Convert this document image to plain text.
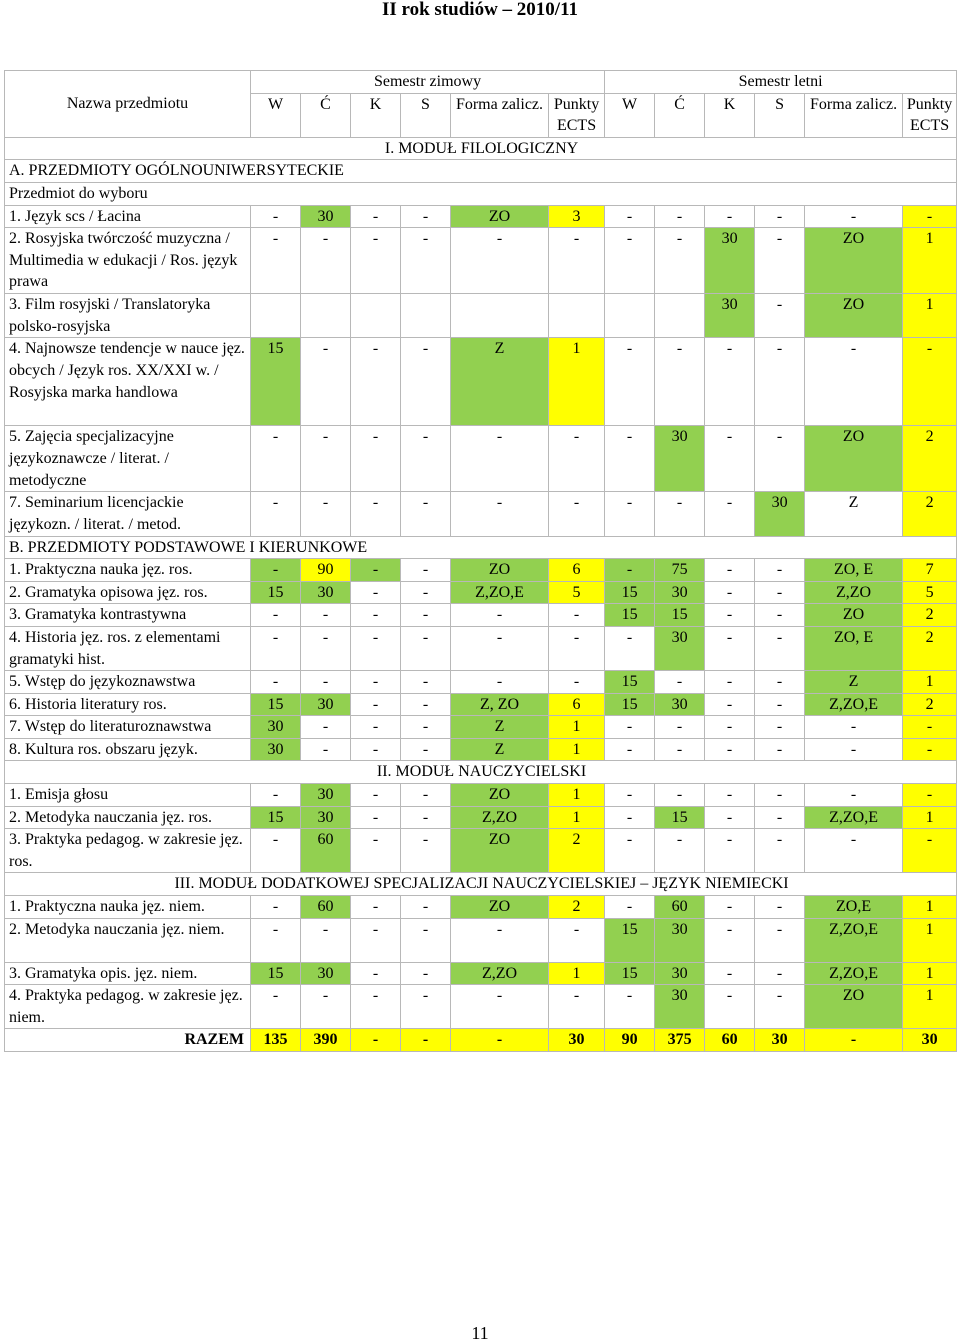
II rok studiów – 2010/11
Nazwa przedmiotu	Semestr zimowy						Semestr letni					
	W	Ć	K	S	Forma zalicz.	Punkty ECTS	W	Ć	K	S	Forma zalicz.	Punkty ECTS
I. MODUŁ FILOLOGICZNY												
A. PRZEDMIOTY OGÓLNOUNIWERSYTECKIE												
Przedmiot do wyboru												
1. Język scs / Łacina	-	30	-	-	ZO	3	-	-	-	-	-	-
2. Rosyjska twórczość muzyczna / Multimedia w edukacji / Ros. język prawa	-	-	-	-	-	-	-	-	30	-	ZO	1
3. Film rosyjski / Translatoryka polsko-rosyjska									30	-	ZO	1
4. Najnowsze tendencje w nauce jęz. obcych / Język ros. XX/XXI w. / Rosyjska marka handlowa	15	-	-	-	Z	1	-	-	-	-	-	-
5. Zajęcia specjalizacyjne językoznawcze / literat. / metodyczne	-	-	-	-	-	-	-	30	-	-	ZO	2
7. Seminarium licencjackie językozn. / literat. / metod.	-	-	-	-	-	-	-	-	-	30	Z	2
B. PRZEDMIOTY PODSTAWOWE I KIERUNKOWE												
1. Praktyczna nauka jęz. ros.	-	90	-	-	ZO	6	-	75	-	-	ZO, E	7
2. Gramatyka opisowa jęz. ros.	15	30	-	-	Z,ZO,E	5	15	30	-	-	Z,ZO	5
3. Gramatyka kontrastywna	-	-	-	-	-	-	15	15	-	-	ZO	2
4. Historia jęz. ros. z elementami gramatyki hist.	-	-	-	-	-	-	-	30	-	-	ZO, E	2
5. Wstęp do językoznawstwa	-	-	-	-	-	-	15	-	-	-	Z	1
6. Historia literatury ros.	15	30	-	-	Z, ZO	6	15	30	-	-	Z,ZO,E	2
7. Wstęp do literaturoznawstwa	30	-	-	-	Z	1	-	-	-	-	-	-
8. Kultura ros. obszaru język.	30	-	-	-	Z	1	-	-	-	-	-	-
II. MODUŁ NAUCZYCIELSKI												
1. Emisja głosu	-	30	-	-	ZO	1	-	-	-	-	-	-
2. Metodyka nauczania jęz. ros.	15	30	-	-	Z,ZO	1	-	15	-	-	Z,ZO,E	1
3. Praktyka pedagog. w zakresie jęz. ros.	-	60	-	-	ZO	2	-	-	-	-	-	-
III. MODUŁ DODATKOWEJ SPECJALIZACJI NAUCZYCIELSKIEJ – JĘZYK NIEMIECKI												
1. Praktyczna nauka jęz. niem.	-	60	-	-	ZO	2	-	60	-	-	ZO,E	1
2. Metodyka nauczania jęz. niem.	-	-	-	-	-	-	15	30	-	-	Z,ZO,E	1
3. Gramatyka opis. jęz. niem.	15	30	-	-	Z,ZO	1	15	30	-	-	Z,ZO,E	1
4. Praktyka pedagog. w zakresie jęz. niem.	-	-	-	-	-	-	-	30	-	-	ZO	1
RAZEM	135	390	-	-	-	30	90	375	60	30	-	30
11
